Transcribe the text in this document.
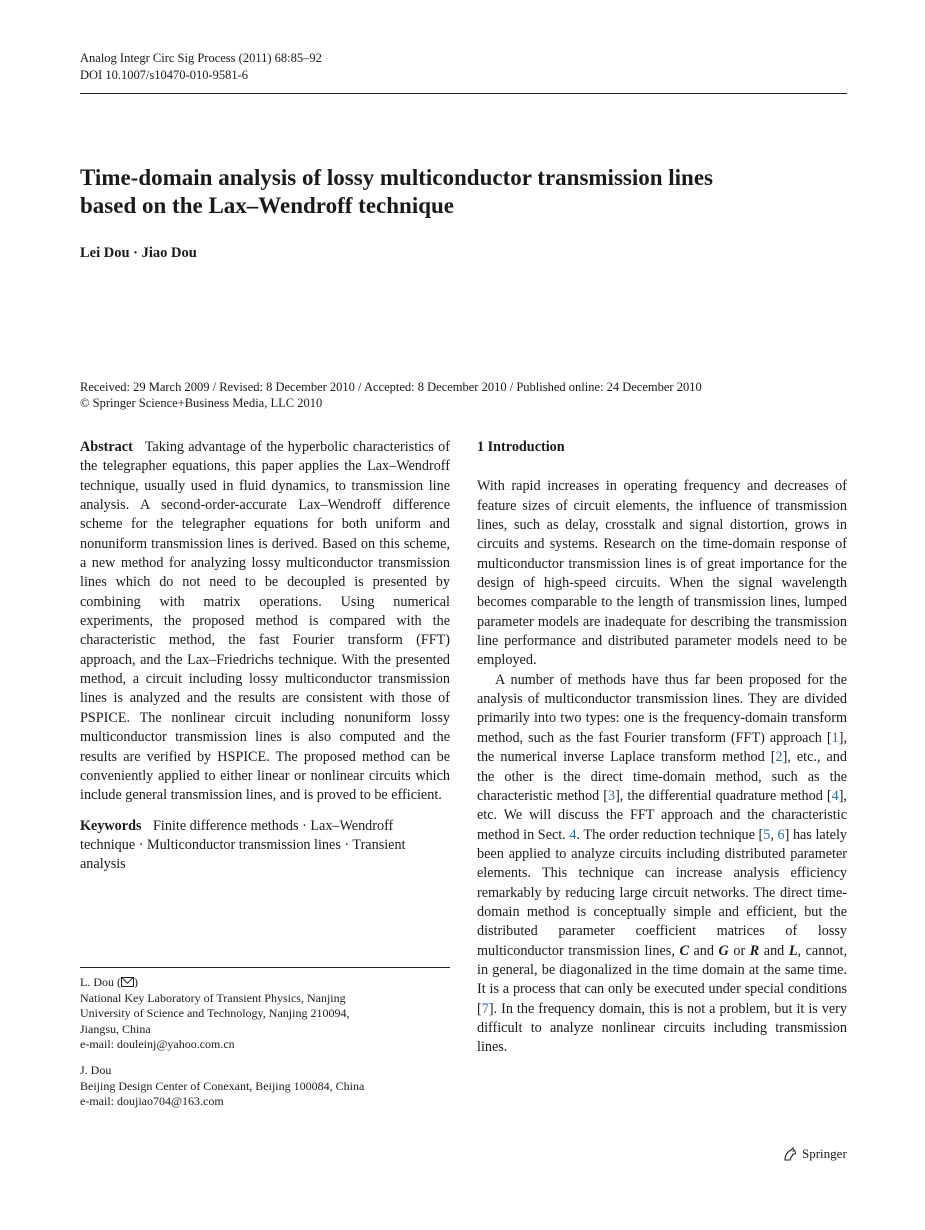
Analog Integr Circ Sig Process (2011) 68:85–92
DOI 10.1007/s10470-010-9581-6
Time-domain analysis of lossy multiconductor transmission lines
based on the Lax–Wendroff technique
Lei Dou · Jiao Dou
Received: 29 March 2009 / Revised: 8 December 2010 / Accepted: 8 December 2010 / Published online: 24 December 2010
© Springer Science+Business Media, LLC 2010

Abstract Taking advantage of the hyperbolic characteristics of the telegrapher equations, this paper applies the Lax–Wendroff technique, usually used in fluid dynamics, to transmission line analysis. A second-order-accurate Lax–Wendroff difference scheme for the telegrapher equations for both uniform and nonuniform transmission lines is derived. Based on this scheme, a new method for analyzing lossy multiconductor transmission lines which do not need to be decoupled is presented by combining with matrix operations. Using numerical experiments, the proposed method is compared with the characteristic method, the fast Fourier transform (FFT) approach, and the Lax–Friedrichs technique. With the presented method, a circuit including lossy multiconductor transmission lines is analyzed and the results are consistent with those of PSPICE. The nonlinear circuit including nonuniform lossy multiconductor transmission lines is also computed and the results are verified by HSPICE. The proposed method can be conveniently applied to either linear or nonlinear circuits which include general transmission lines, and is proved to be efficient.

Keywords Finite difference methods · Lax–Wendroff technique · Multiconductor transmission lines · Transient analysis

L. Dou ( )
National Key Laboratory of Transient Physics, Nanjing
University of Science and Technology, Nanjing 210094,
Jiangsu, China
e-mail: douleinj@yahoo.com.cn
J. Dou
Beijing Design Center of Conexant, Beijing 100084, China
e-mail: doujiao704@163.com

1 Introduction

With rapid increases in operating frequency and decreases of feature sizes of circuit elements, the influence of transmission lines, such as delay, crosstalk and signal distortion, grows in circuits and systems. Research on the time-domain response of multiconductor transmission lines is of great importance for the design of high-speed circuits. When the signal wavelength becomes comparable to the length of transmission lines, lumped parameter models are inadequate for describing the transmission line performance and distributed parameter models need to be employed.

A number of methods have thus far been proposed for the analysis of multiconductor transmission lines. They are divided primarily into two types: one is the frequency-domain transform method, such as the fast Fourier transform (FFT) approach [1], the numerical inverse Laplace transform method [2], etc., and the other is the direct time-domain method, such as the characteristic method [3], the differential quadrature method [4], etc. We will discuss the FFT approach and the characteristic method in Sect. 4. The order reduction technique [5, 6] has lately been applied to analyze circuits including distributed parameter elements. This technique can increase analysis efficiency remarkably by reducing large circuit networks. The direct time-domain method is conceptually simple and efficient, but the distributed parameter coefficient matrices of lossy multiconductor transmission lines, C and G or R and L, cannot, in general, be diagonalized in the time domain at the same time. It is a process that can only be executed under special conditions [7]. In the frequency domain, this is not a problem, but it is very difficult to analyze nonlinear circuits including transmission lines.

Springer
